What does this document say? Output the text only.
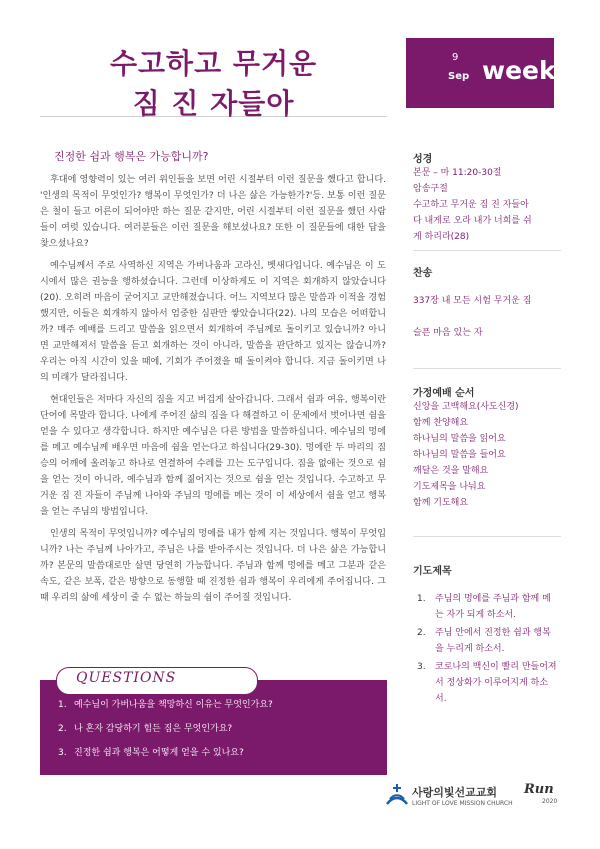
수고하고 무거운
짐 진 자들아
9
Sep week4

진정한 쉼과 행복은 가능합니까?

후대에 영향력이 있는 여러 위인들을 보면 어린 시절부터 이런 질문을 했다고 합니다. '인생의 목적이 무엇인가? 행복이 무엇인가? 더 나은 삶은 가능한가?'등. 보통 이런 질문은 철이 들고 어른이 되어야만 하는 질문 같지만, 어린 시절부터 이런 질문을 했던 사람들이 여럿 있습니다. 여러분들은 이런 질문을 해보셨나요? 또한 이 질문들에 대한 답을 찾으셨나요?

예수님께서 주로 사역하신 지역은 가버나움과 고라신, 벳새다입니다. 예수님은 이 도시에서 많은 권능을 행하셨습니다. 그런데 이상하게도 이 지역은 회개하지 않았습니다(20). 오히려 마음이 굳어지고 교만해졌습니다. 어느 지역보다 많은 말씀과 이적을 경험했지만, 이들은 회개하지 않아서 엄중한 심판만 쌓았습니다(22). 나의 모습은 어떠합니까? 매주 예배를 드리고 말씀을 읽으면서 회개하여 주님께로 돌이키고 있습니까? 아니면 교만해져서 말씀을 듣고 회개하는 것이 아니라, 말씀을 판단하고 있지는 않습니까? 우리는 아직 시간이 있을 때에, 기회가 주어졌을 때 돌이켜야 합니다. 지금 돌이키면 나의 미래가 달라집니다.

현대인들은 저마다 자신의 짐을 지고 버겁게 살아갑니다. 그래서 쉼과 여유, 행복이란 단어에 목말라 합니다. 나에게 주어진 삶의 짐을 다 해결하고 이 문제에서 벗어나면 쉼을 얻을 수 있다고 생각합니다. 하지만 예수님은 다른 방법을 말씀하십니다. 예수님의 멍에를 메고 예수님께 배우면 마음에 쉼을 얻는다고 하십니다(29-30). 멍에란 두 마리의 짐승의 어깨에 올려놓고 하나로 연결하여 수레를 끄는 도구입니다. 짐을 없애는 것으로 쉼을 얻는 것이 아니라, 예수님과 함께 짊어지는 것으로 쉼을 얻는 것입니다. 수고하고 무거운 짐 진 자들이 주님께 나아와 주님의 멍에를 메는 것이 이 세상에서 쉼을 얻고 행복을 얻는 주님의 방법입니다.

인생의 목적이 무엇입니까? 예수님의 멍에를 내가 함께 지는 것입니다. 행복이 무엇입니까? 나는 주님께 나아가고, 주님은 나를 받아주시는 것입니다. 더 나은 삶은 가능합니까? 본문의 말씀대로만 살면 당연히 가능합니다. 주님과 함께 멍에를 메고 그분과 같은 속도, 같은 보폭, 같은 방향으로 동행할 때 진정한 쉼과 행복이 우리에게 주어집니다. 그때 우리의 삶에 세상이 줄 수 없는 하늘의 쉼이 주어질 것입니다.

QUESTIONS
1. 예수님이 가버나움을 책망하신 이유는 무엇인가요?
2. 나 혼자 감당하기 힘든 짐은 무엇인가요?
3. 진정한 쉼과 행복은 어떻게 얻을 수 있나요?

성경

본문 – 마 11:20-30절

암송구절

수고하고 무거운 짐 진 자들아

다 내게로 오라 내가 너희를 쉬

게 하리라(28)

찬송

337장 내 모든 시험 무거운 짐

슬픈 마음 있는 자

가정예배 순서

신앙을 고백해요(사도신경)

함께 찬양해요

하나님의 말씀을 읽어요

하나님의 말씀을 들어요

깨달은 것을 말해요

기도제목을 나눠요

함께 기도해요

기도제목

1. 주님의 멍에를 주님과 함께 메는 자가 되게 하소서.
2. 주님 안에서 진정한 쉼과 행복을 누리게 하소서.
3. 코로나의 백신이 빨리 만들어져서 정상화가 이루어지게 하소서.
사랑의빛선교교회
LIGHT OF LOVE MISSION CHURCH
Run
2020
